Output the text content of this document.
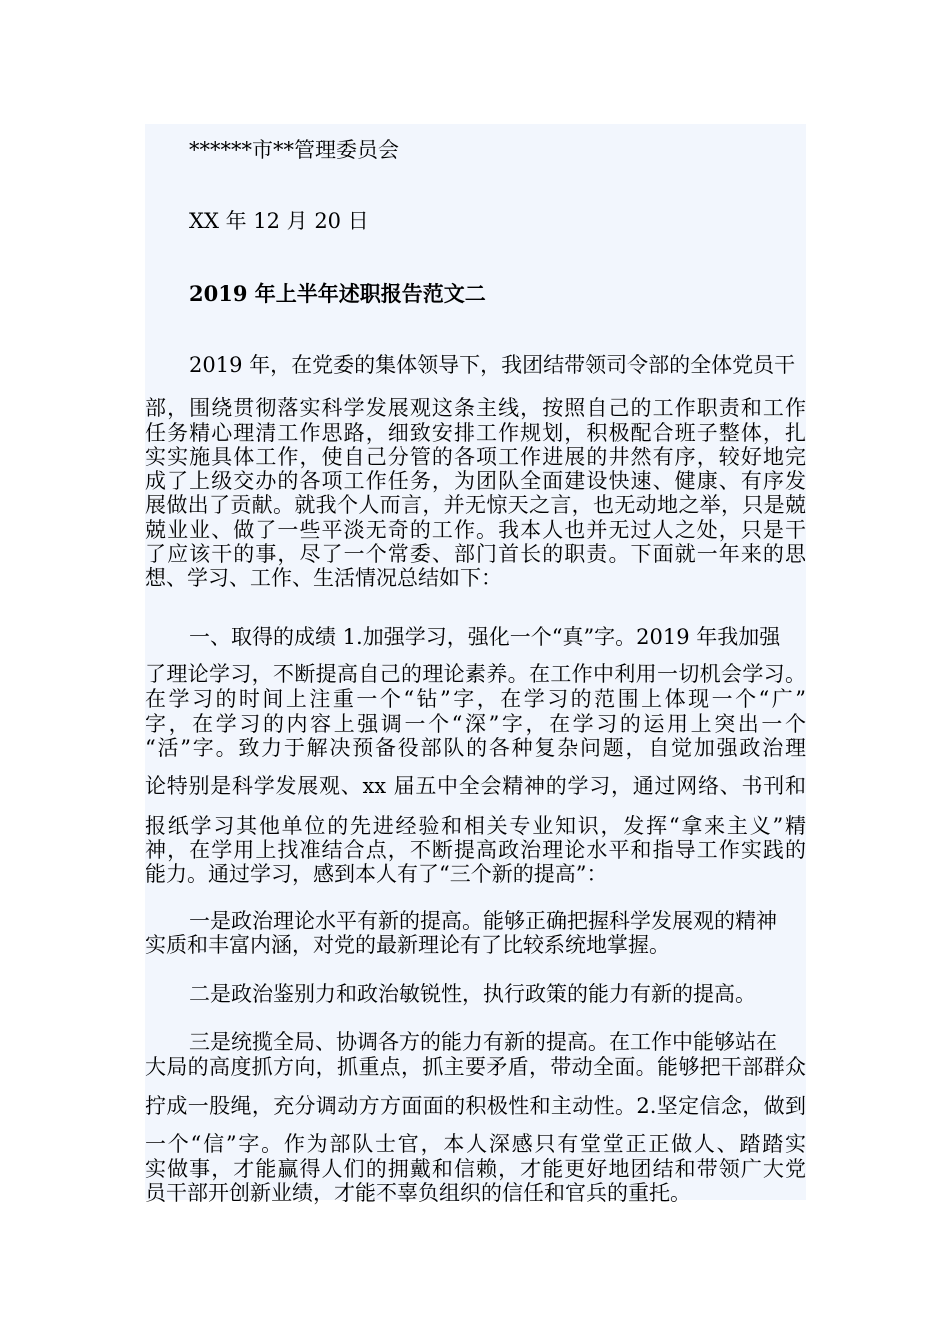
******市**管理委员会
XX 年 12 月 20 日
2019 年上半年述职报告范文二
2019 年，在党委的集体领导下，我团结带领司令部的全体党员干
部，围绕贯彻落实科学发展观这条主线，按照自己的工作职责和工作
任务精心理清工作思路，细致安排工作规划，积极配合班子整体，扎
实实施具体工作，使自己分管的各项工作进展的井然有序，较好地完
成了上级交办的各项工作任务，为团队全面建设快速、健康、有序发
展做出了贡献。就我个人而言，并无惊天之言，也无动地之举，只是兢
兢业业、做了一些平淡无奇的工作。我本人也并无过人之处，只是干
了应该干的事，尽了一个常委、部门首长的职责。下面就一年来的思
想、学习、工作、生活情况总结如下：
一、取得的成绩 1.加强学习，强化一个“真”字。2019 年我加强
了理论学习，不断提高自己的理论素养。在工作中利用一切机会学习。
在学习的时间上注重一个“钻”字，在学习的范围上体现一个“广”
字，在学习的内容上强调一个“深”字，在学习的运用上突出一个
“活”字。致力于解决预备役部队的各种复杂问题，自觉加强政治理
论特别是科学发展观、xx 届五中全会精神的学习，通过网络、书刊和
报纸学习其他单位的先进经验和相关专业知识，发挥“拿来主义”精
神，在学用上找准结合点，不断提高政治理论水平和指导工作实践的
能力。通过学习，感到本人有了“三个新的提高”：
一是政治理论水平有新的提高。能够正确把握科学发展观的精神
实质和丰富内涵，对党的最新理论有了比较系统地掌握。
二是政治鉴别力和政治敏锐性，执行政策的能力有新的提高。
三是统揽全局、协调各方的能力有新的提高。在工作中能够站在
大局的高度抓方向，抓重点，抓主要矛盾，带动全面。能够把干部群众
拧成一股绳，充分调动方方面面的积极性和主动性。2.坚定信念，做到
一个“信”字。作为部队士官，本人深感只有堂堂正正做人、踏踏实
实做事，才能赢得人们的拥戴和信赖，才能更好地团结和带领广大党
员干部开创新业绩，才能不辜负组织的信任和官兵的重托。
